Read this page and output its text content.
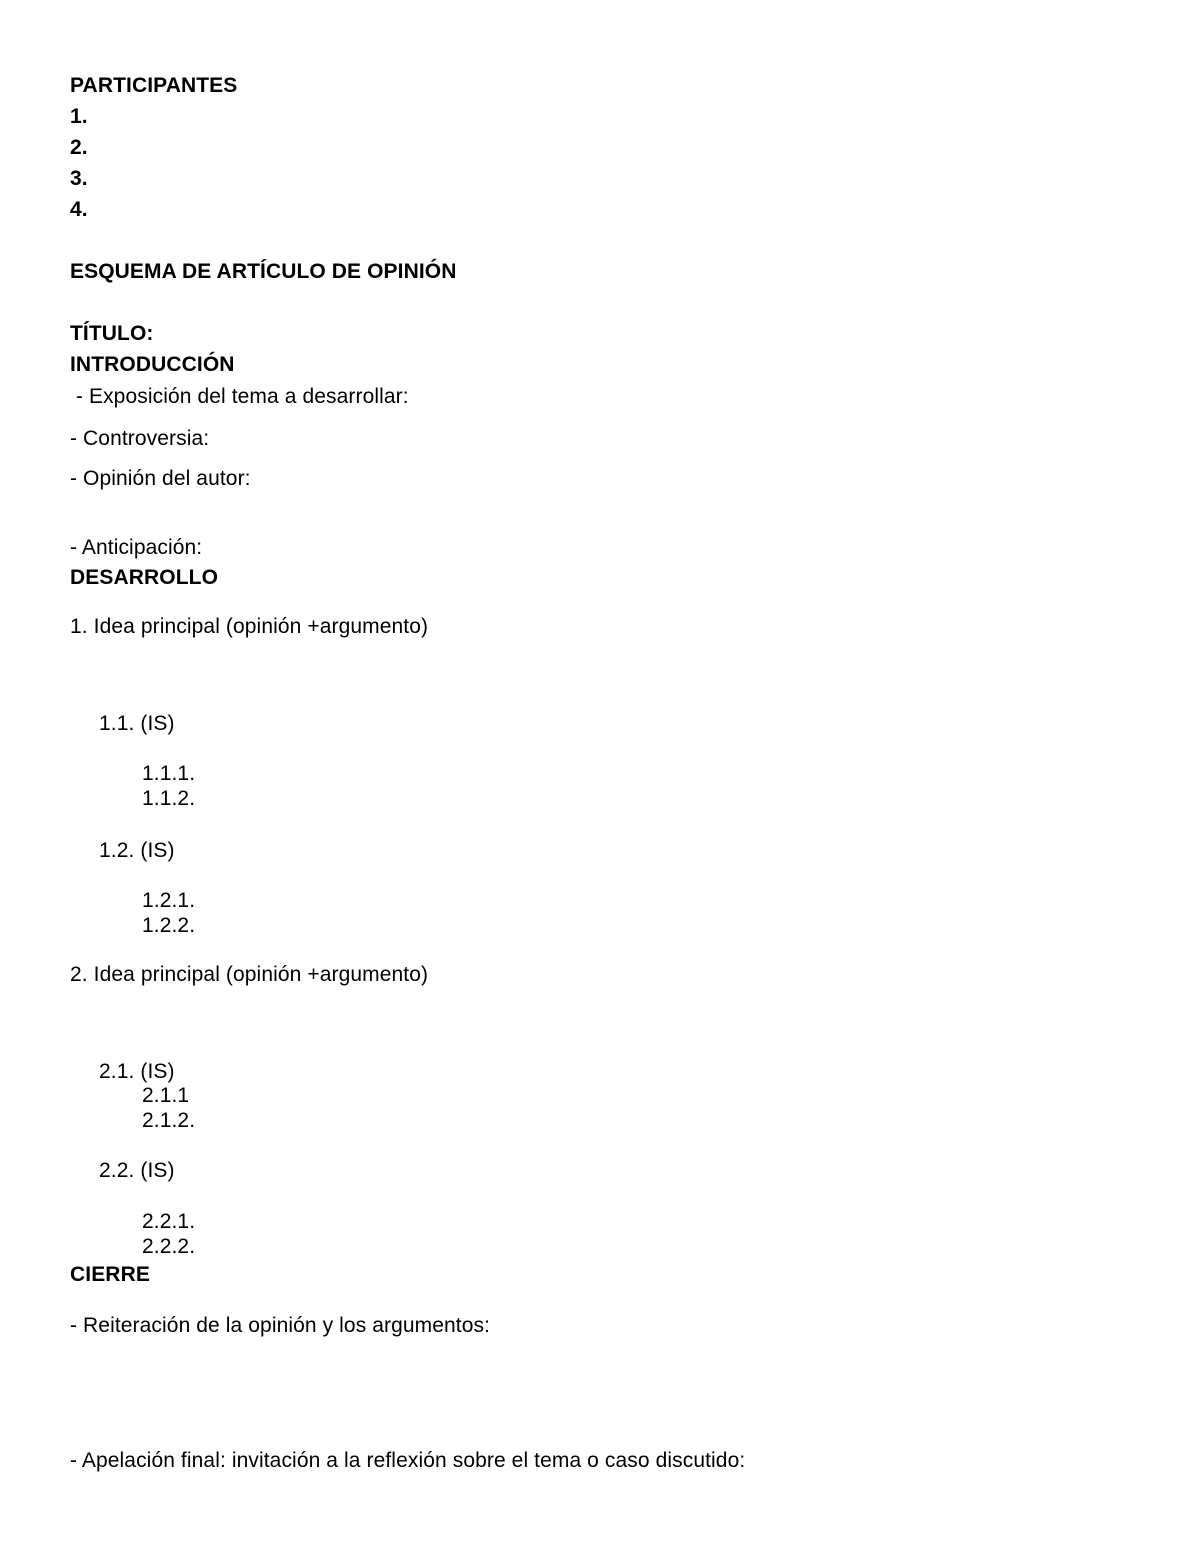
PARTICIPANTES
1.
2.
3.
4.
ESQUEMA DE ARTÍCULO DE OPINIÓN
TÍTULO:
INTRODUCCIÓN
- Exposición del tema a desarrollar:
- Controversia:
- Opinión del autor:
- Anticipación:
DESARROLLO
1. Idea principal (opinión +argumento)
1.1. (IS)
1.1.1.
1.1.2.
1.2. (IS)
1.2.1.
1.2.2.
2. Idea principal (opinión +argumento)
2.1. (IS)
2.1.1
2.1.2.
2.2. (IS)
2.2.1.
2.2.2.
CIERRE
- Reiteración de la opinión y los argumentos:
- Apelación final: invitación a la reflexión sobre el tema o caso discutido:
